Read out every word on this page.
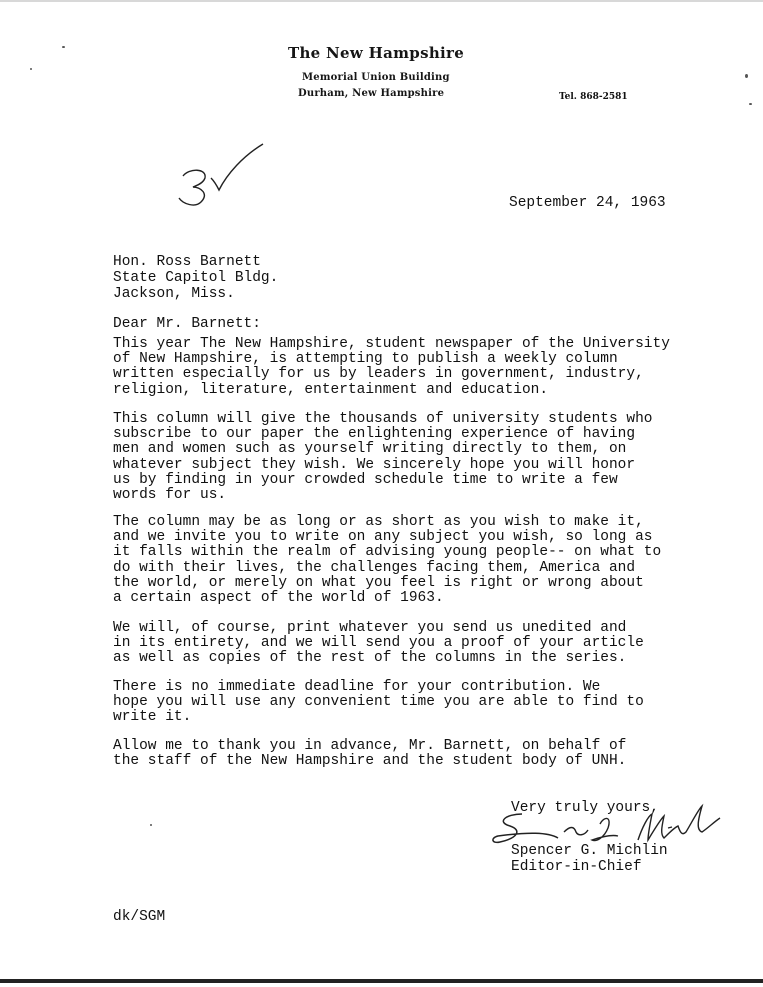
The New Hampshire
Memorial Union Building
Durham, New Hampshire	Tel. 868-2581
September 24, 1963
Hon. Ross Barnett
State Capitol Bldg.
Jackson, Miss.
Dear Mr. Barnett:

This year The New Hampshire, student newspaper of the University
of New Hampshire, is attempting to publish a weekly column
written especially for us by leaders in government, industry,
religion, literature, entertainment and education.

This column will give the thousands of university students who
subscribe to our paper the enlightening experience of having
men and women such as yourself writing directly to them, on
whatever subject they wish. We sincerely hope you will honor
us by finding in your crowded schedule time to write a few
words for us.

The column may be as long or as short as you wish to make it,
and we invite you to write on any subject you wish, so long as
it falls within the realm of advising young people-- on what to
do with their lives, the challenges facing them, America and
the world, or merely on what you feel is right or wrong about
a certain aspect of the world of 1963.

We will, of course, print whatever you send us unedited and
in its entirety, and we will send you a proof of your article
as well as copies of the rest of the columns in the series.

There is no immediate deadline for your contribution. We
hope you will use any convenient time you are able to find to
write it.

Allow me to thank you in advance, Mr. Barnett, on behalf of
the staff of the New Hampshire and the student body of UNH.

Very truly yours,
Spencer G. Michlin
Editor-in-Chief
dk/SGM
